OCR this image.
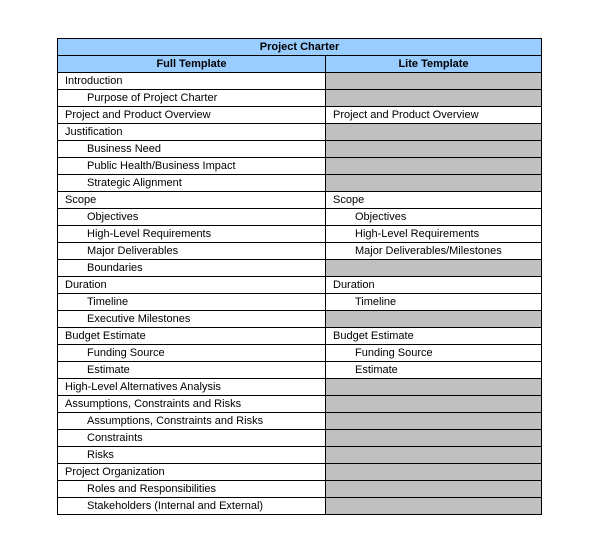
Project Charter	
Full Template	Lite Template
Introduction	
Purpose of Project Charter	
Project and Product Overview	Project and Product Overview
Justification	
Business Need	
Public Health/Business Impact	
Strategic Alignment	
Scope	Scope
Objectives	Objectives
High-Level Requirements	High-Level Requirements
Major Deliverables	Major Deliverables/Milestones
Boundaries	
Duration	Duration
Timeline	Timeline
Executive Milestones	
Budget Estimate	Budget Estimate
Funding Source	Funding Source
Estimate	Estimate
High-Level Alternatives Analysis	
Assumptions, Constraints and Risks	
Assumptions, Constraints and Risks	
Constraints	
Risks	
Project Organization	
Roles and Responsibilities	
Stakeholders (Internal and External)	
